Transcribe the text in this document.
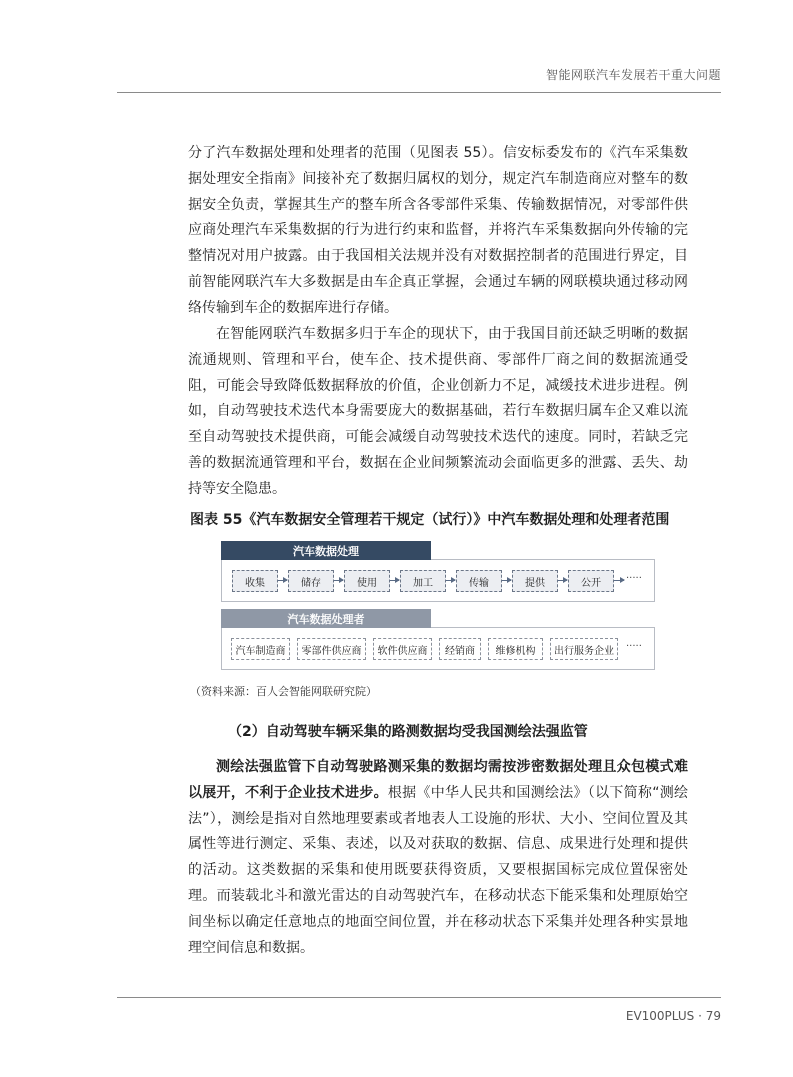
智能网联汽车发展若干重大问题

分了汽车数据处理和处理者的范围（见图表 55）。信安标委发布的《汽车采集数据处理安全指南》间接补充了数据归属权的划分，规定汽车制造商应对整车的数据安全负责，掌握其生产的整车所含各零部件采集、传输数据情况，对零部件供应商处理汽车采集数据的行为进行约束和监督，并将汽车采集数据向外传输的完整情况对用户披露。由于我国相关法规并没有对数据控制者的范围进行界定，目前智能网联汽车大多数据是由车企真正掌握，会通过车辆的网联模块通过移动网络传输到车企的数据库进行存储。

在智能网联汽车数据多归于车企的现状下，由于我国目前还缺乏明晰的数据流通规则、管理和平台，使车企、技术提供商、零部件厂商之间的数据流通受阻，可能会导致降低数据释放的价值，企业创新力不足，减缓技术进步进程。例如，自动驾驶技术迭代本身需要庞大的数据基础，若行车数据归属车企又难以流至自动驾驶技术提供商，可能会减缓自动驾驶技术迭代的速度。同时，若缺乏完善的数据流通管理和平台，数据在企业间频繁流动会面临更多的泄露、丢失、劫持等安全隐患。

图表 55《汽车数据安全管理若干规定（试行）》中汽车数据处理和处理者范围
收集	储存	使用	加工	传输	提供	公开	·····
汽车数据处理
汽车制造商	零部件供应商	软件供应商	经销商	维修机构	出行服务企业	·····
汽车数据处理者
（资料来源：百人会智能网联研究院）
（2）自动驾驶车辆采集的路测数据均受我国测绘法强监管

测绘法强监管下自动驾驶路测采集的数据均需按涉密数据处理且众包模式难以展开，不利于企业技术进步。根据《中华人民共和国测绘法》（以下简称“测绘法”），测绘是指对自然地理要素或者地表人工设施的形状、大小、空间位置及其属性等进行测定、采集、表述，以及对获取的数据、信息、成果进行处理和提供的活动。这类数据的采集和使用既要获得资质，又要根据国标完成位置保密处理。而装载北斗和激光雷达的自动驾驶汽车，在移动状态下能采集和处理原始空间坐标以确定任意地点的地面空间位置，并在移动状态下采集并处理各种实景地理空间信息和数据。

EV100PLUS · 79
